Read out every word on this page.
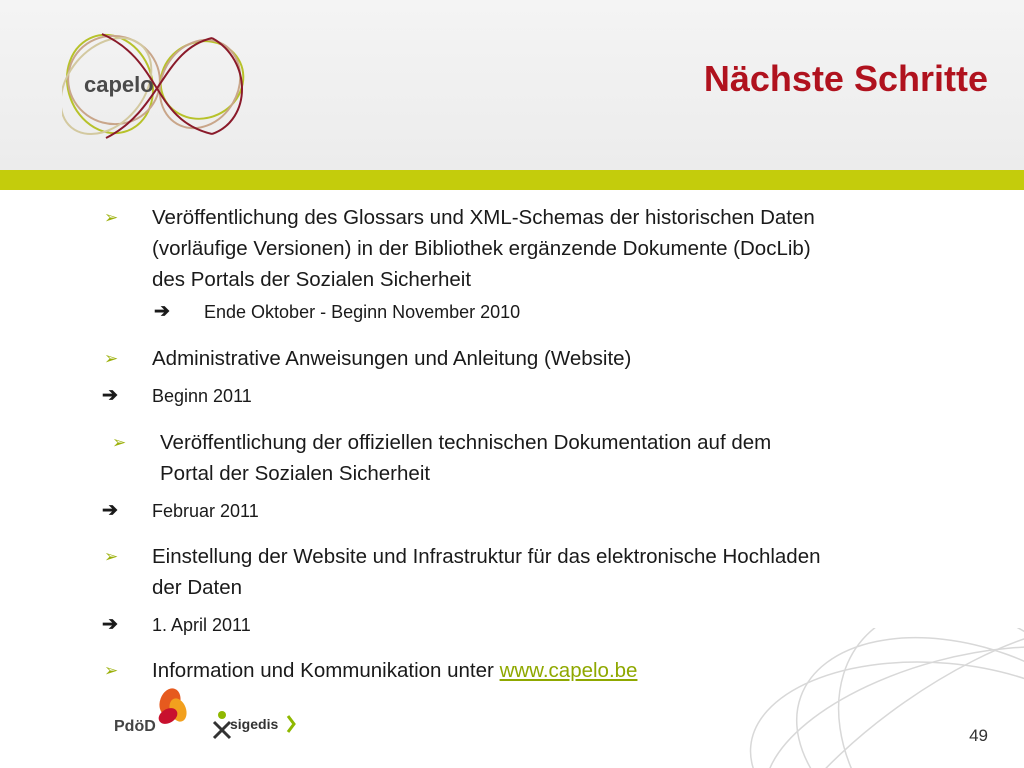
capelo	Nächste Schritte
➢ Veröffentlichung des Glossars und XML-Schemas der historischen Daten
(vorläufige Versionen) in der Bibliothek ergänzende Dokumente (DocLib)
des Portals der Sozialen Sicherheit
➔ Ende Oktober - Beginn November 2010
➢ Administrative Anweisungen und Anleitung (Website)
➔ Beginn 2011
➢ Veröffentlichung der offiziellen technischen Dokumentation auf dem
Portal der Sozialen Sicherheit
➔ Februar 2011
➢ Einstellung der Website und Infrastruktur für das elektronische Hochladen
der Daten
➔ 1. April 2011
➢ Information und Kommunikation unter www.capelo.be
PdöD	sigedis
49
